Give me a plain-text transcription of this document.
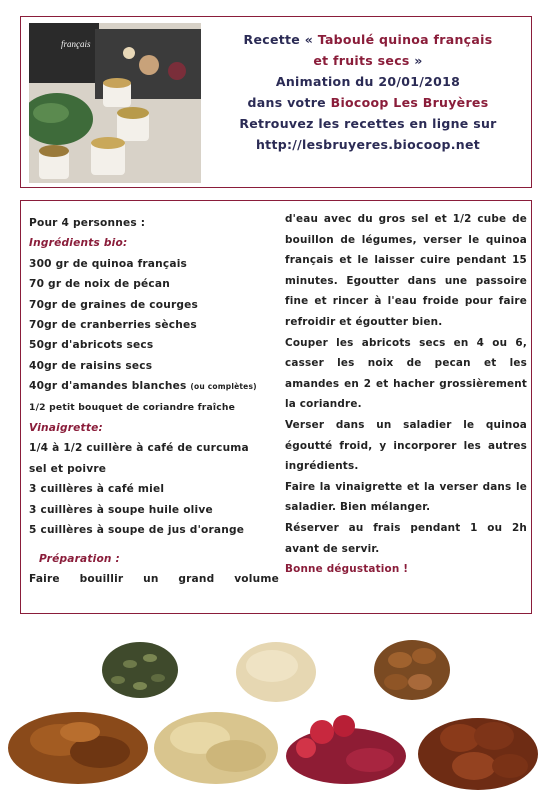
français	Recette « Taboulé quinoa français
et fruits secs »
Animation du 20/01/2018
dans votre Biocoop Les Bruyères
Retrouvez les recettes en ligne sur
http://lesbruyeres.biocoop.net

Pour 4 personnes :

Ingrédients bio:

300 gr de quinoa français

70 gr de noix de pécan

70gr de graines de courges

70gr de cranberries sèches

50gr d'abricots secs

40gr de raisins secs

40gr d'amandes blanches (ou complètes)

1/2 petit bouquet de coriandre fraîche

Vinaigrette:

1/4 à 1/2 cuillère à café de curcuma

sel et poivre

3 cuillères à café miel

3 cuillères à soupe huile olive

5 cuillères à soupe de jus d'orange

Préparation :

Faire bouillir un grand volume

d'eau avec du gros sel et 1/2 cube de bouillon de légumes, verser le quinoa français et le laisser cuire pendant 15 minutes. Egoutter dans une passoire fine et rincer à l'eau froide pour faire refroidir et égoutter bien.

Couper les abricots secs en 4 ou 6, casser les noix de pecan et les amandes en 2 et hacher grossièrement la coriandre.

Verser dans un saladier le quinoa égoutté froid, y incorporer les autres ingrédients.

Faire la vinaigrette et la verser dans le saladier. Bien mélanger.

Réserver au frais pendant 1 ou 2h avant de servir.

Bonne dégustation !
